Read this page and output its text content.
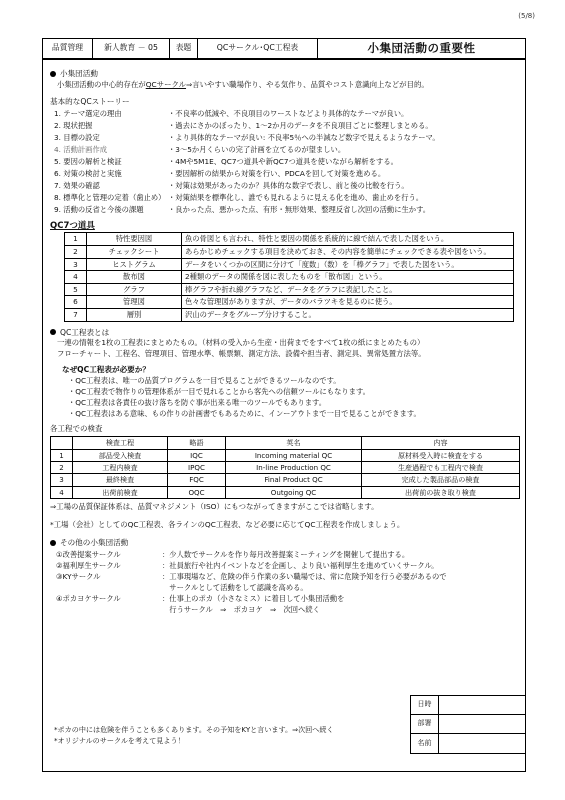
(5/8)
品質管理	新人教育 － 05	表題	QCサークル･QC工程表	小集団活動の重要性
小集団活動

小集団活動の中心的存在がQCサークル⇒言いやすい職場作り、やる気作り、品質やコスト意識向上などが目的。

基本的なQCストーリー
1. テーマ選定の理由	・不良率の低減や、不良項目のワーストなどより具体的なテーマが良い。
2. 現状把握	・過去にさかのぼったり、1～2か月のデータを不良項目ごとに整理しまとめる。
3. 目標の設定	・より具体的なテーマが良い: 不良率5％への半減など数字で見えるようなテーマ。
4. 活動計画作成	・3～5か月くらいの完了計画を立てるのが望ましい。
5. 要因の解析と検証	・4Mや5M1E、QC7つ道具や新QC7つ道具を使いながら解析をする。
6. 対策の検討と実施	・要因解析の結果から対策を行い、PDCAを回して対策を進める。
7. 効果の確認	・対策は効果があったのか？具体的な数字で表し、前と後の比較を行う。
8. 標準化と管理の定着（歯止め） ・対策結果を標準化し、誰でも見れるように見える化を進め、歯止めを行う。
9. 活動の反省と今後の課題	・良かった点、悪かった点、有形・無形効果、整理反省し次回の活動に生かす。
QC7つ道具
1	特性要因図	魚の骨図とも言われ、特性と要因の関係を系統的に線で結んで表した図をいう。
2	チェックシート	あらかじめチェックする項目を決めておき、その内容を簡単にチェックできる表や図をいう。
3	ヒストグラム	データをいくつかの区間に分けて「度数」（数）を「棒グラフ」で表した図をいう。
4	散布図	2種類のデータの関係を図に表したものを「散布図」という。
5	グラフ	棒グラフや折れ線グラフなど、データをグラフに表記したこと。
6	管理図	色々な管理図がありますが、データのバラツキを見るのに使う。
7	層別	沢山のデータをグループ分けすること。
QC工程表とは

一連の情報を1枚の工程表にまとめたもの。（材料の受入から生産・出荷までをすべて1枚の紙にまとめたもの）

フローチャート、工程名、管理項目、管理水準、帳票類、測定方法、設備や担当者、測定具、異常処置方法等。

なぜQC工程表が必要か？

・QC工程表は、唯一の品質プログラムを一目で見ることができるツールなのです。

・QC工程表で物作りの管理体系が一目で見れることから客先への信頼ツールにもなります。

・QC工程表は各責任の抜け落ちを防ぐ事が出来る唯一のツールでもあります。

・QC工程表はある意味、もの作りの計画書でもあるために、インーアウトまで一目で見ることができます。

各工程での検査
	検査工程	略語	英名	内容
1	部品受入検査	IQC	Incoming material QC	原材料受入時に検査をする
2	工程内検査	IPQC	In-line Production QC	生産過程でも工程内で検査
3	最終検査	FQC	Final Product QC	完成した製品部品の検査
4	出荷前検査	OQC	Outgoing QC	出荷前の抜き取り検査

⇒工場の品質保証体系は、品質マネジメント（ISO）にもつながってきますがここでは省略します。

*工場（会社）としてのQC工程表、各ラインのQC工程表、など必要に応じてQC工程表を作成しましょう。

その他の小集団活動
①改善提案サークル	：少人数でサークルを作り毎月改善提案ミーティングを開催して提出する。
②福利厚生サークル	：社員旅行や社内イベントなどを企画し、より良い福利厚生を進めていくサークル。
③KYサークル	：工事現場など、危険の伴う作業の多い職場では、常に危険予知を行う必要があるので
　サークルとして活動をして認識を高める。
④ポカヨケサークル	：仕事上のポカ（小さなミス）に着目して小集団活動を
　行うサークル　⇒　ポカヨケ　⇒　次回へ続く

*ポカの中には危険を伴うことも多くあります。その予知をKYと言います。⇒次回へ続く

*オリジナルのサークルを考えて見よう！

日時
部署
名前
